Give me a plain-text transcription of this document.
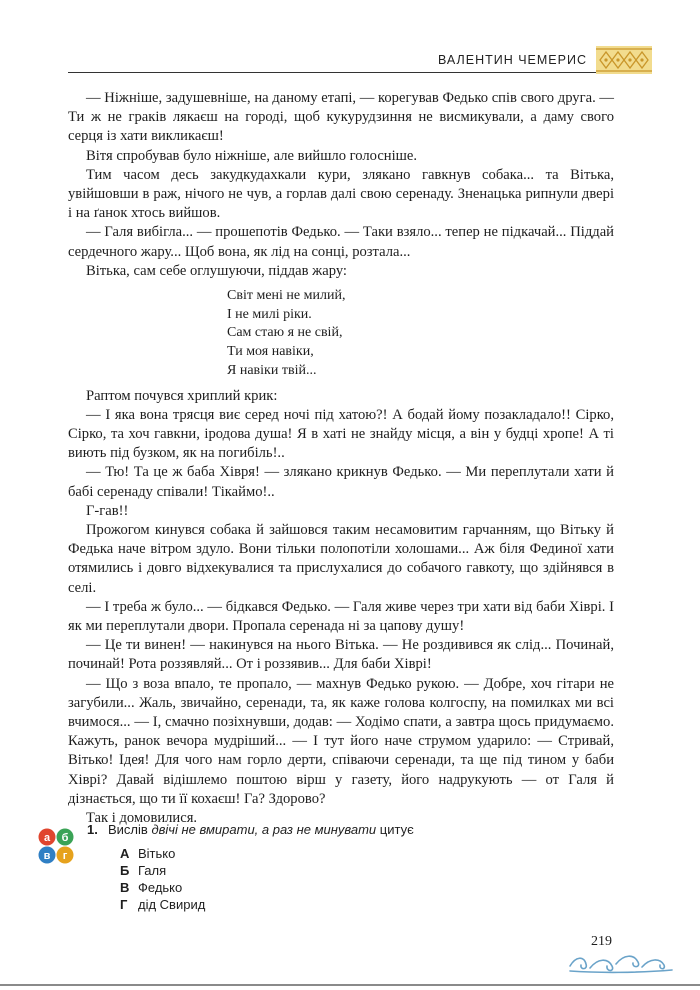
ВАЛЕНТИН ЧЕМЕРИС

— Ніжніше, задушевніше, на даному етапі, — корегував Федько спів свого друга. — Ти ж не граків лякаєш на городі, щоб кукурудзиння не висмикували, а даму свого серця із хати викликаєш!

Вітя спробував було ніжніше, але вийшло голосніше.

Тим часом десь закудкудахкали кури, злякано гавкнув собака... та Вітька, увійшовши в раж, нічого не чув, а горлав далі свою серенаду. Зненацька рипнули двері і на ґанок хтось вийшов.

— Галя вибігла... — прошепотів Федько. — Таки взяло... тепер не підкачай... Піддай сердечного жару... Щоб вона, як лід на сонці, розтала...

Вітька, сам себе оглушуючи, піддав жару:

Світ мені не милий,
І не милі ріки.
Сам стаю я не свій,
Ти моя навіки,
Я навіки твій...

Раптом почувся хриплий крик:

— І яка вона трясця виє серед ночі під хатою?! А бодай йому позакладало!! Сірко, Сірко, та хоч гавкни, іродова душа! Я в хаті не знайду місця, а він у будці хропе! А ті виють під бузком, як на погибіль!..

— Тю! Та це ж баба Хівря! — злякано крикнув Федько. — Ми переплутали хати й бабі серенаду співали! Тікаймо!..

Г-гав!!

Прожогом кинувся собака й зайшовся таким несамовитим гарчанням, що Вітьку й Федька наче вітром здуло. Вони тільки полопотіли холошами... Аж біля Фединої хати отямились і довго відхекувалися та прислухалися до собачого гавкоту, що здійнявся в селі.

— І треба ж було... — бідкався Федько. — Галя живе через три хати від баби Хіврі. І як ми переплутали двори. Пропала серенада ні за цапову душу!

— Це ти винен! — накинувся на нього Вітька. — Не роздивився як слід... Починай, починай! Рота роззявляй... От і роззявив... Для баби Хіврі!

— Що з воза впало, те пропало, — махнув Федько рукою. — Добре, хоч гітари не загубили... Жаль, звичайно, серенади, та, як каже голова колгоспу, на помилках ми всі вчимося... — І, смачно позіхнувши, додав: — Ходімо спати, а завтра щось придумаємо. Кажуть, ранок вечора мудріший... — І тут його наче струмом ударило: — Стривай, Вітько! Ідея! Для чого нам горло дерти, співаючи серенади, та ще під тином у баби Хіврі? Давай відішлемо поштою вірш у газету, його надрукують — от Галя й дізнається, що ти її кохаєш! Га? Здорово?

Так і домовилися.

а б
в г
1. Вислів двічі не вмирати, а раз не минувати цитує
А Вітько
Б Галя
В Федько
Г дід Свирид
219
